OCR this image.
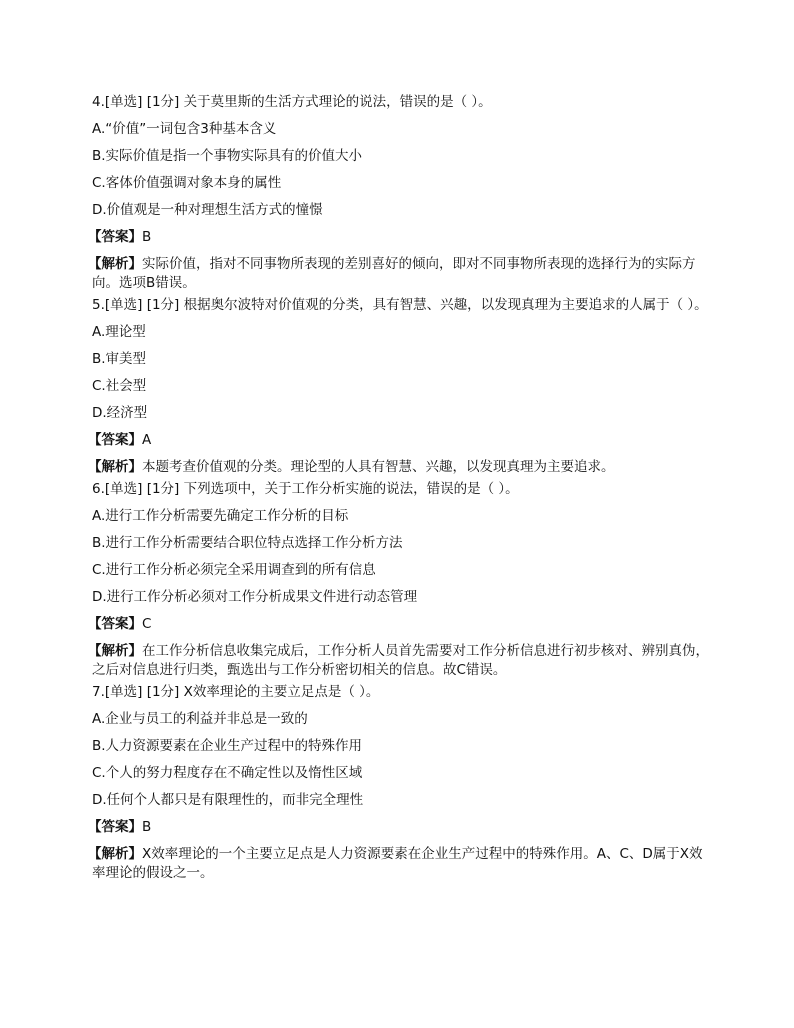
4.[单选] [1分] 关于莫里斯的生活方式理论的说法，错误的是（ ）。
A.“价值”一词包含3种基本含义
B.实际价值是指一个事物实际具有的价值大小
C.客体价值强调对象本身的属性
D.价值观是一种对理想生活方式的憧憬
【答案】B
【解析】实际价值，指对不同事物所表现的差别喜好的倾向，即对不同事物所表现的选择行为的实际方向。选项B错误。
5.[单选] [1分] 根据奥尔波特对价值观的分类，具有智慧、兴趣，以发现真理为主要追求的人属于（ ）。
A.理论型
B.审美型
C.社会型
D.经济型
【答案】A
【解析】本题考查价值观的分类。理论型的人具有智慧、兴趣，以发现真理为主要追求。
6.[单选] [1分] 下列选项中，关于工作分析实施的说法，错误的是（ ）。
A.进行工作分析需要先确定工作分析的目标
B.进行工作分析需要结合职位特点选择工作分析方法
C.进行工作分析必须完全采用调查到的所有信息
D.进行工作分析必须对工作分析成果文件进行动态管理
【答案】C
【解析】在工作分析信息收集完成后，工作分析人员首先需要对工作分析信息进行初步核对、辨别真伪，之后对信息进行归类，甄选出与工作分析密切相关的信息。故C错误。
7.[单选] [1分] X效率理论的主要立足点是（ ）。
A.企业与员工的利益并非总是一致的
B.人力资源要素在企业生产过程中的特殊作用
C.个人的努力程度存在不确定性以及惰性区域
D.任何个人都只是有限理性的，而非完全理性
【答案】B
【解析】X效率理论的一个主要立足点是人力资源要素在企业生产过程中的特殊作用。A、C、D属于X效率理论的假设之一。
